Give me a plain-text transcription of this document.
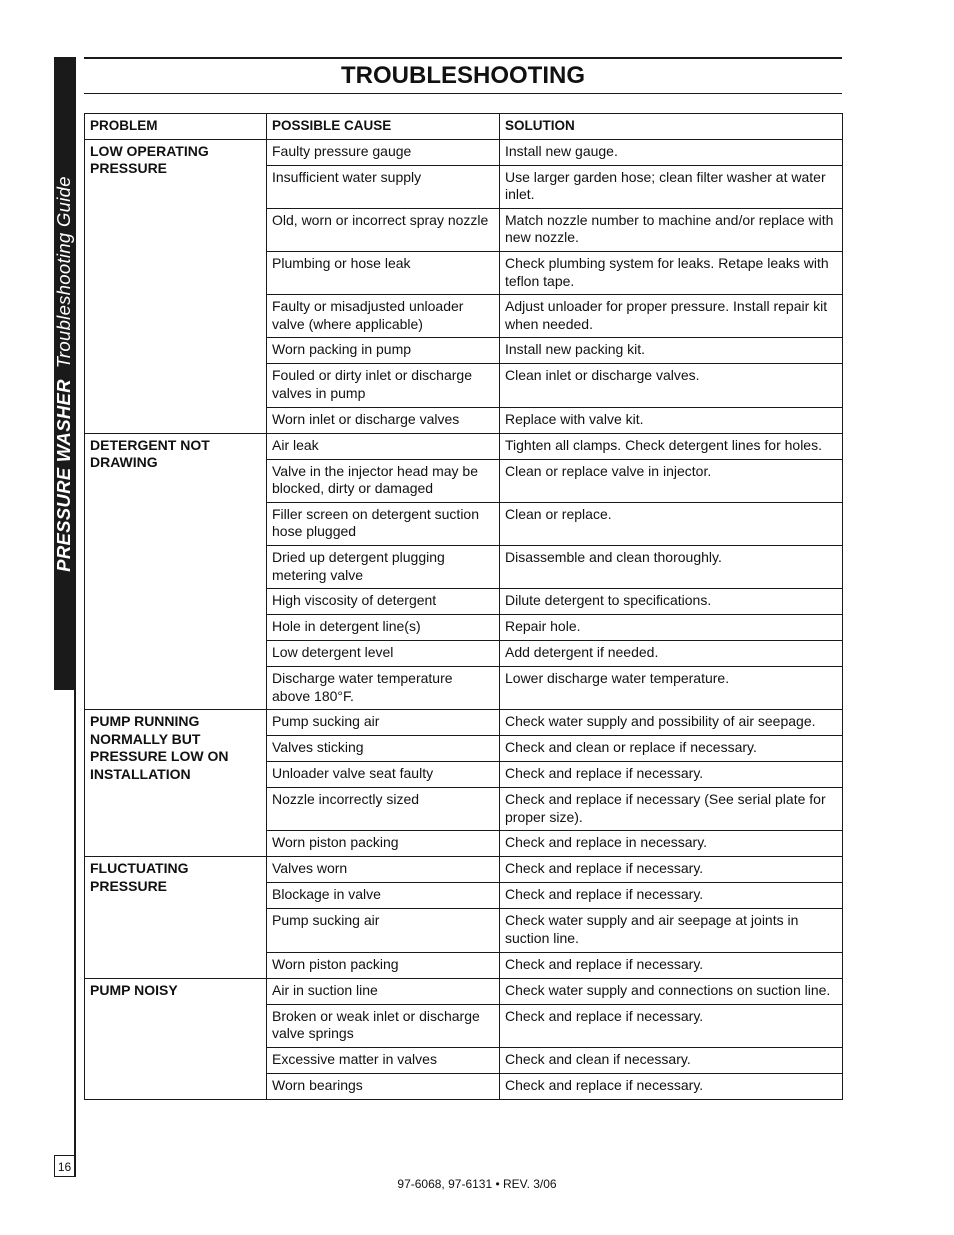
PRESSURE WASHER  Troubleshooting Guide
16
TROUBLESHOOTING
PROBLEM	POSSIBLE CAUSE	SOLUTION
LOW OPERATING PRESSURE	Faulty pressure gauge	Install new gauge.
	Insufficient water supply	Use larger garden hose; clean filter washer at water inlet.
	Old, worn or incorrect spray nozzle	Match nozzle number to machine and/or replace with new nozzle.
	Plumbing or hose leak	Check plumbing system for leaks. Retape leaks with teflon tape.
	Faulty or misadjusted unloader valve (where applicable)	Adjust unloader for proper pressure. Install repair kit when needed.
	Worn packing in pump	Install new packing kit.
	Fouled or dirty inlet or discharge valves in pump	Clean inlet or discharge valves.
	Worn inlet or discharge valves	Replace with valve kit.
DETERGENT NOT DRAWING	Air leak	Tighten all clamps. Check detergent lines for holes.
	Valve in the injector head may be blocked, dirty or damaged	Clean or replace valve in injector.
	Filler screen on detergent suction hose plugged	Clean or replace.
	Dried up detergent plugging metering valve	Disassemble and clean thoroughly.
	High viscosity of detergent	Dilute detergent to specifications.
	Hole in detergent line(s)	Repair hole.
	Low detergent level	Add detergent if needed.
	Discharge water temperature above 180°F.	Lower discharge water temperature.
PUMP RUNNING NORMALLY BUT PRESSURE LOW ON INSTALLATION	Pump sucking air	Check water supply and possibility of air seepage.
	Valves sticking	Check and clean or replace if necessary.
	Unloader valve seat faulty	Check and replace if necessary.
	Nozzle incorrectly sized	Check and replace if necessary (See serial plate for proper size).
	Worn piston packing	Check and replace in necessary.
FLUCTUATING PRESSURE	Valves worn	Check and replace if necessary.
	Blockage in valve	Check and replace if necessary.
	Pump sucking air	Check water supply and air seepage at joints in suction line.
	Worn piston packing	Check and replace if necessary.
PUMP NOISY	Air in suction line	Check water supply and connections on suction line.
	Broken or weak inlet or discharge valve springs	Check and replace if necessary.
	Excessive matter in valves	Check and clean if necessary.
	Worn bearings	Check and replace if necessary.
97-6068, 97-6131 • REV. 3/06
